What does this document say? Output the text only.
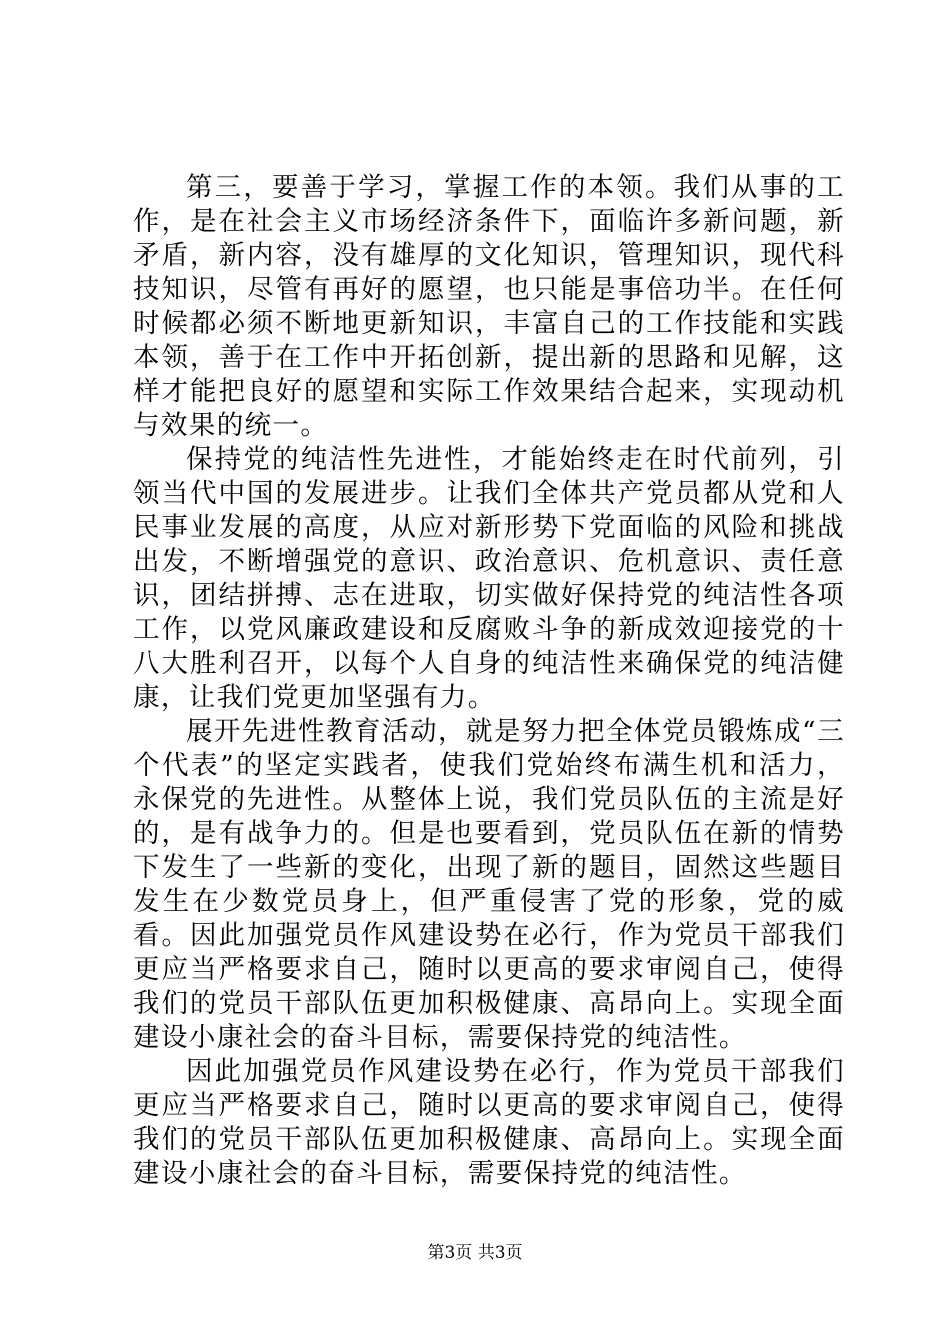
第三，要善于学习，掌握工作的本领。我们从事的工作，是在社会主义市场经济条件下，面临许多新问题，新矛盾，新内容，没有雄厚的文化知识，管理知识，现代科技知识，尽管有再好的愿望，也只能是事倍功半。在任何时候都必须不断地更新知识，丰富自己的工作技能和实践本领，善于在工作中开拓创新，提出新的思路和见解，这样才能把良好的愿望和实际工作效果结合起来，实现动机与效果的统一。

保持党的纯洁性先进性，才能始终走在时代前列，引领当代中国的发展进步。让我们全体共产党员都从党和人民事业发展的高度，从应对新形势下党面临的风险和挑战出发，不断增强党的意识、政治意识、危机意识、责任意识，团结拼搏、志在进取，切实做好保持党的纯洁性各项工作，以党风廉政建设和反腐败斗争的新成效迎接党的十八大胜利召开，以每个人自身的纯洁性来确保党的纯洁健康，让我们党更加坚强有力。

展开先进性教育活动，就是努力把全体党员锻炼成“三个代表”的坚定实践者，使我们党始终布满生机和活力，永保党的先进性。从整体上说，我们党员队伍的主流是好的，是有战争力的。但是也要看到，党员队伍在新的情势下发生了一些新的变化，出现了新的题目，固然这些题目发生在少数党员身上，但严重侵害了党的形象，党的威看。因此加强党员作风建设势在必行，作为党员干部我们更应当严格要求自己，随时以更高的要求审阅自己，使得我们的党员干部队伍更加积极健康、高昂向上。实现全面建设小康社会的奋斗目标，需要保持党的纯洁性。

因此加强党员作风建设势在必行，作为党员干部我们更应当严格要求自己，随时以更高的要求审阅自己，使得我们的党员干部队伍更加积极健康、高昂向上。实现全面建设小康社会的奋斗目标，需要保持党的纯洁性。

第3页 共3页
